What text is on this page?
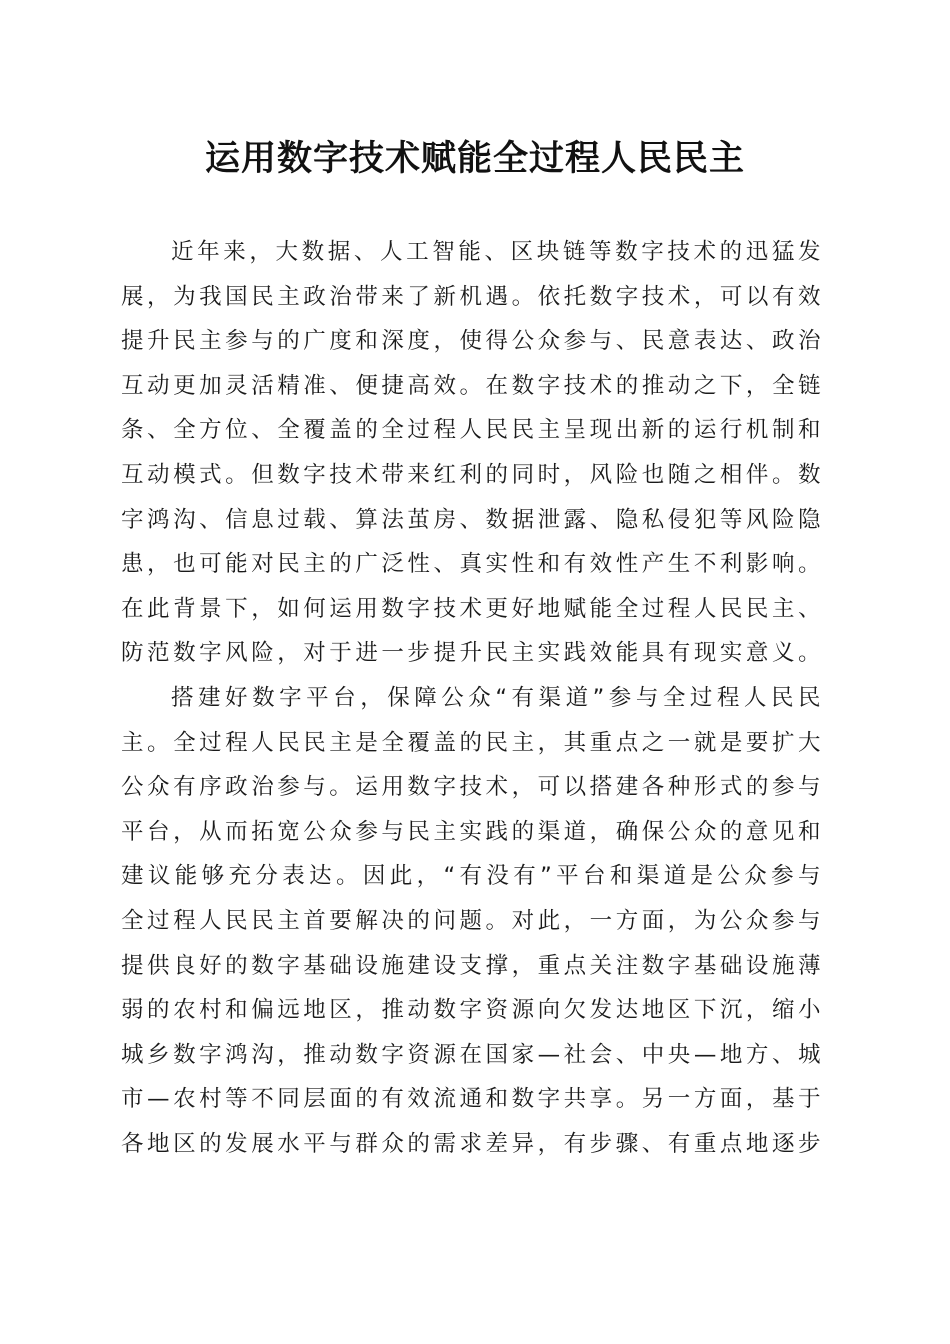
运用数字技术赋能全过程人民民主
近年来，大数据、人工智能、区块链等数字技术的迅猛发
展，为我国民主政治带来了新机遇。依托数字技术，可以有效
提升民主参与的广度和深度，使得公众参与、民意表达、政治
互动更加灵活精准、便捷高效。在数字技术的推动之下，全链
条、全方位、全覆盖的全过程人民民主呈现出新的运行机制和
互动模式。但数字技术带来红利的同时，风险也随之相伴。数
字鸿沟、信息过载、算法茧房、数据泄露、隐私侵犯等风险隐
患，也可能对民主的广泛性、真实性和有效性产生不利影响。
在此背景下，如何运用数字技术更好地赋能全过程人民民主、
防范数字风险，对于进一步提升民主实践效能具有现实意义。
搭建好数字平台，保障公众“有渠道”参与全过程人民民
主。全过程人民民主是全覆盖的民主，其重点之一就是要扩大
公众有序政治参与。运用数字技术，可以搭建各种形式的参与
平台，从而拓宽公众参与民主实践的渠道，确保公众的意见和
建议能够充分表达。因此，“有没有”平台和渠道是公众参与
全过程人民民主首要解决的问题。对此，一方面，为公众参与
提供良好的数字基础设施建设支撑，重点关注数字基础设施薄
弱的农村和偏远地区，推动数字资源向欠发达地区下沉，缩小
城乡数字鸿沟，推动数字资源在国家—社会、中央—地方、城
市—农村等不同层面的有效流通和数字共享。另一方面，基于
各地区的发展水平与群众的需求差异，有步骤、有重点地逐步
